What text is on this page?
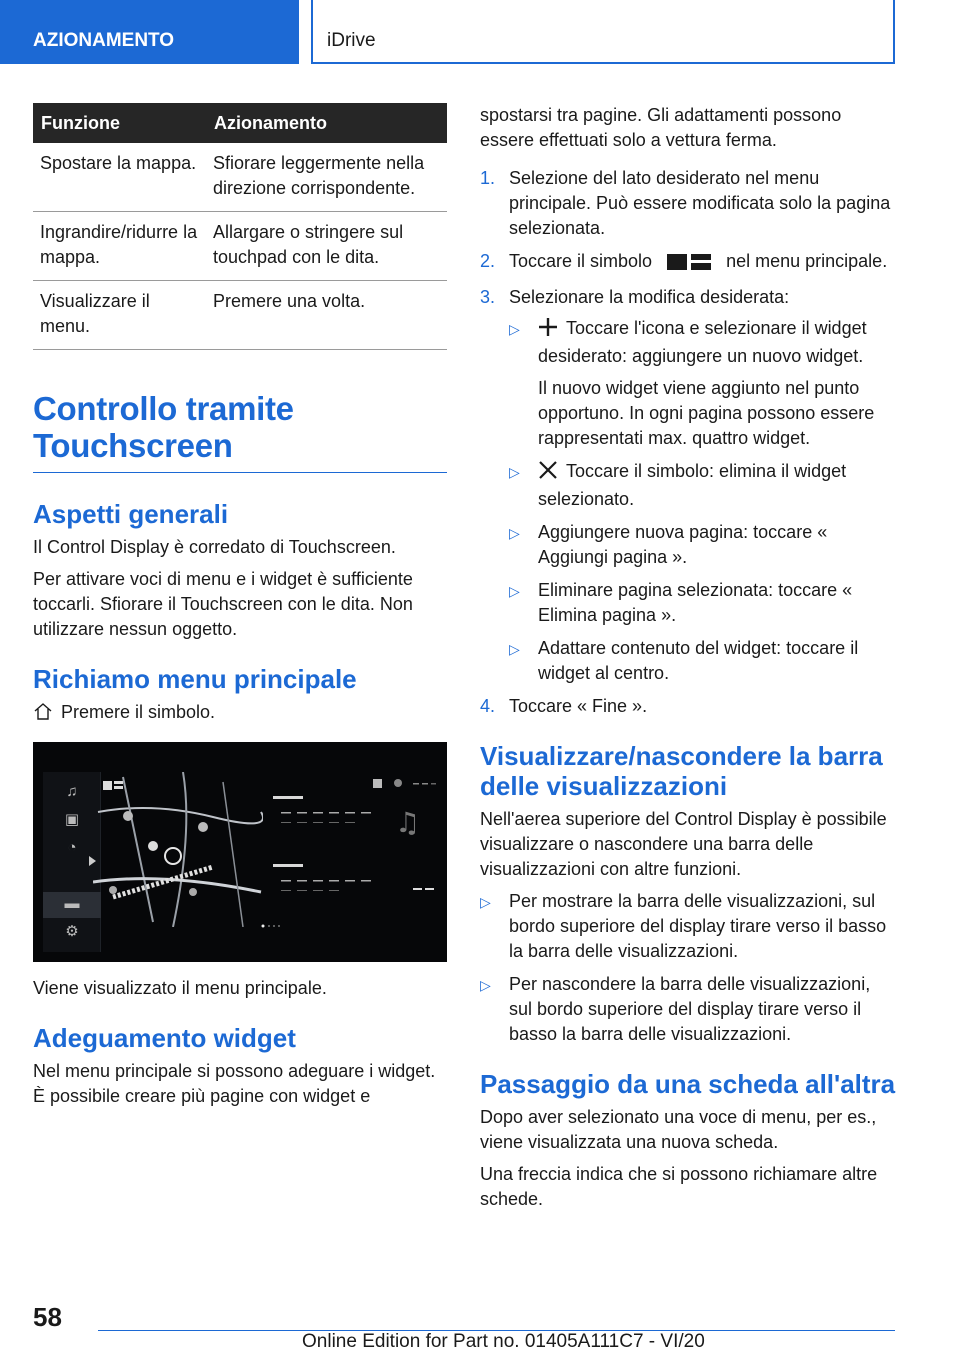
AZIONAMENTO	iDrive
Funzione	Azionamento
Spostare la mappa.	Sfiorare leggermente nella direzione corrispondente.
Ingrandire/ridurre la mappa.	Allargare o stringere sul touchpad con le dita.
Visualizzare il menu.	Premere una volta.
Controllo tramite Touchscreen
Aspetti generali

Il Control Display è corredato di Touchscreen.

Per attivare voci di menu e i widget è sufficiente toccarli. Sfiorare il Touchscreen con le dita. Non utilizzare nessun oggetto.

Richiamo menu principale

Premere il simbolo.

♫
▣
◔
▬
⚙
♫

Viene visualizzato il menu principale.

Adeguamento widget

Nel menu principale si possono adeguare i widget. È possibile creare più pagine con widget e

spostarsi tra pagine. Gli adattamenti possono essere effettuati solo a vettura ferma.

1. Selezione del lato desiderato nel menu principale. Può essere modificata solo la pagina selezionata.
2. Toccare il simbolo	nel menu principale.
3. Selezionare la modifica desiderata:
▷	Toccare l'icona e selezionare il widget desiderato: aggiungere un nuovo widget.
Il nuovo widget viene aggiunto nel punto opportuno. In ogni pagina possono essere rappresentati max. quattro widget.
▷	Toccare il simbolo: elimina il widget selezionato.
▷ Aggiungere nuova pagina: toccare « Aggiungi pagina ».
▷ Eliminare pagina selezionata: toccare « Elimina pagina ».
▷ Adattare contenuto del widget: toccare il widget al centro.
4. Toccare « Fine ».
Visualizzare/nascondere la barra delle visualizzazioni

Nell'aerea superiore del Control Display è possibile visualizzare o nascondere una barra delle visualizzazioni con altre funzioni.

▷ Per mostrare la barra delle visualizzazioni, sul bordo superiore del display tirare verso il basso la barra delle visualizzazioni.
▷ Per nascondere la barra delle visualizzazioni, sul bordo superiore del display tirare verso il basso la barra delle visualizzazioni.
Passaggio da una scheda all'altra

Dopo aver selezionato una voce di menu, per es., viene visualizzata una nuova scheda.

Una freccia indica che si possono richiamare altre schede.

58
Online Edition for Part no. 01405A111C7 - VI/20
